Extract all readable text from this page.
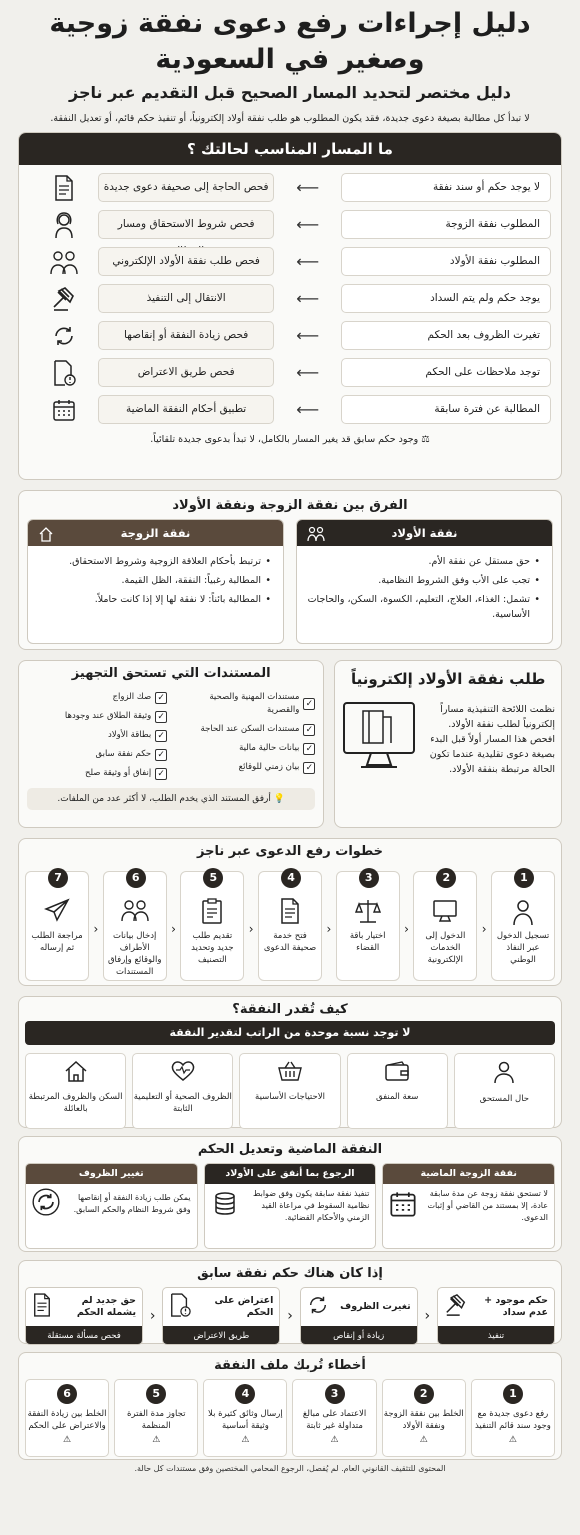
دليل إجراءات رفع دعوى نفقة زوجية وصغير في السعودية
دليل مختصر لتحديد المسار الصحيح قبل التقديم عبر ناجز
لا تبدأ كل مطالبة بصيغة دعوى جديدة، فقد يكون المطلوب هو طلب نفقة أولاد إلكترونياً، أو تنفيذ حكم قائم، أو تعديل النفقة.
ما المسار المناسب لحالتك ؟
لا يوجد حكم أو سند نفقة
⟵
فحص الحاجة إلى صحيفة دعوى جديدة
المطلوب نفقة الزوجة
⟵
فحص شروط الاستحقاق ومسار
المطلوب نفقة الأولاد
⟵
فحص طلب نفقة الأولاد الإلكتروني
يوجد حكم ولم يتم السداد
⟵
الانتقال إلى التنفيذ
تغيرت الظروف بعد الحكم
⟵
فحص زيادة النفقة أو إنقاصها
توجد ملاحظات على الحكم
⟵
فحص طريق الاعتراض
المطالبة عن فترة سابقة
⟵
تطبيق أحكام النفقة الماضية
⚖ وجود حكم سابق قد يغير المسار بالكامل، لا تبدأ بدعوى جديدة تلقائياً.
الفرق بين نفقة الزوجة ونفقة الأولاد
نفقة الأولاد
• حق مستقل عن نفقة الأم.
• تجب على الأب وفق الشروط النظامية.
• تشمل: الغذاء، العلاج، التعليم، الكسوة، السكن، والحاجات الأساسية.
نفقة الزوجة
• ترتبط بأحكام العلاقة الزوجية وشروط الاستحقاق.
• المطالبة رغبياً: النفقة، الظل القيمة.
• المطالبة بائناً: لا نفقة لها إلا إذا كانت حاملاً.
طلب نفقة الأولاد إلكترونياً

نظمت اللائحة التنفيذية مساراً إلكترونياً لطلب نفقة الأولاد. افحص هذا المسار أولاً قبل البدء بصيغة دعوى تقليدية عندما تكون الحالة مرتبطة بنفقة الأولاد.

المستندات التي تستحق التجهيز
✓
مستندات المهنية والصحية والقصرية
✓
مستندات السكن عند الحاجة
✓
بيانات حالية مالية
✓
بيان زمني للوقائع
✓
صك الزواج
✓
وثيقة الطلاق عند وجودها
✓
بطاقة الأولاد
✓
حكم نفقة سابق
✓
إنفاق أو وثيقة صلح
💡 أرفق المستند الذي يخدم الطلب، لا أكثر عدد من الملفات.
خطوات رفع الدعوى عبر ناجز
1
تسجيل الدخول عبر النفاذ الوطني
‹
2
الدخول إلى الخدمات الإلكترونية
‹
3
اختيار باقة القضاء
‹
4
فتح خدمة صحيفة الدعوى
‹
5
تقديم طلب جديد وتحديد التصنيف
‹
6
إدخال بيانات الأطراف والوقائع وإرفاق المستندات
‹
7
مراجعة الطلب ثم إرساله
كيف تُقدر النفقة؟
لا توجد نسبة موحدة من الراتب لتقدير النفقة
حال المستحق
سعة المنفق
الاحتياجات الأساسية
الظروف الصحية أو التعليمية الثابتة
السكن والظروف المرتبطة بالعائلة
النفقة الماضية وتعديل الحكم
نفقة الزوجة الماضية

لا تستحق نفقة زوجة عن مدة سابقة عادة، إلا بمستند من القاضي أو إثبات الدعوى.

الرجوع بما أنفق على الأولاد

تنفيذ نفقة سابقة يكون وفق ضوابط نظامية السقوط في مراعاة القيد الزمني والأحكام القضائية.

تغيير الظروف

يمكن طلب زيادة النفقة أو إنقاصها وفق شروط النظام والحكم السابق.

إذا كان هناك حكم نفقة سابق
حكم موجود + عدم سداد
تنفيذ
‹
تغيرت الظروف
زيادة أو إنقاص
‹
اعتراض على الحكم
طريق الاعتراض
‹
حق جديد لم يشمله الحكم
فحص مسألة مستقلة
أخطاء تُربك ملف النفقة
1
رفع دعوى جديدة مع وجود سند قائم التنفيذ
⚠
2
الخلط بين نفقة الزوجة ونفقة الأولاد
⚠
3
الاعتماد على مبالغ متداولة غير ثابتة
⚠
4
إرسال وثائق كثيرة بلا وثيقة أساسية
⚠
5
تجاوز مدة الفترة المنظمة
⚠
6
الخلط بين زيادة النفقة والاعتراض على الحكم
⚠
المحتوى للتثقيف القانوني العام. لم يُفصل، الرجوع المحامي المختصين وفق مستندات كل حالة.
